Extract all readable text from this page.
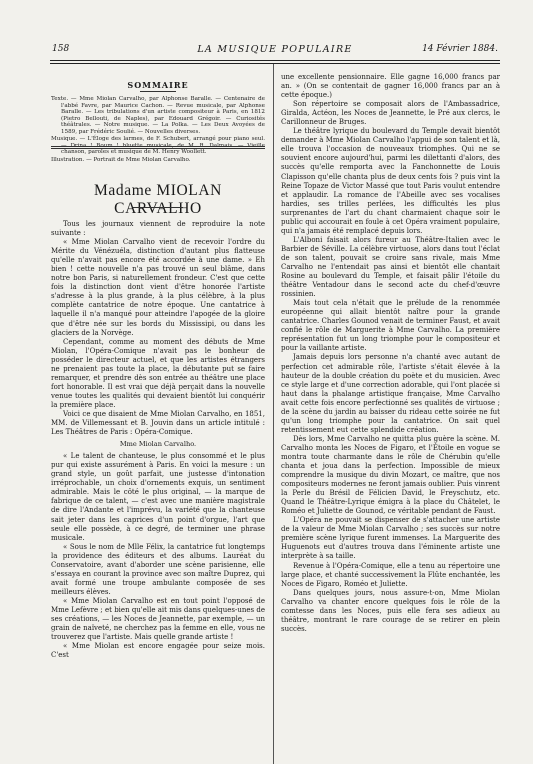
158	LA MUSIQUE POPULAIRE	14 Février 1884.
SOMMAIRE

Texte. — Mme Miolan Carvalho, par Alphonse Baralle. — Centenaire de l'abbé Favre, par Maurice Cachon. — Revue musicale, par Alphonse Baralle. — Les tribulations d'un artiste compositeur à Paris, en 1812 (Pietro Bellouti, de Naples), par Edouard Grégoir. — Curiosités théâtrales. — Notre musique. — La Polka. — Les Deux Avoyées de 1589, par Frédéric Soulié. — Nouvelles diverses.

Musique. — L'Éloge des larmes, de F. Schubert, arrangé pour piano seul. — Drina ! Boum ! bluette musicale, de M. R. Dalmais. — Vieille chanson, paroles et musique de M. Henry Woollett.

Illustration. — Portrait de Mme Miolan Carvalho.

Madame MIOLAN CARVALHO

Tous les journaux viennent de reproduire la note suivante :

« Mme Miolan Carvalho vient de recevoir l'ordre du Mérite du Vénézuéla, distinction d'autant plus flatteuse qu'elle n'avait pas encore été accordée à une dame. » Eh bien ! cette nouvelle n'a pas trouvé un seul blâme, dans notre bon Paris, si naturellement frondeur. C'est que cette fois la distinction dont vient d'être honorée l'artiste s'adresse à la plus grande, à la plus célèbre, à la plus complète cantatrice de notre époque. Une cantatrice à laquelle il n'a manqué pour atteindre l'apogée de la gloire que d'être née sur les bords du Mississipi, ou dans les glaciers de la Norvège.

Cependant, comme au moment des débuts de Mme Miolan, l'Opéra-Comique n'avait pas le bonheur de posséder le directeur actuel, et que les artistes étrangers ne prenaient pas toute la place, la débutante put se faire remarquer, et prendre dès son entrée au théâtre une place fort honorable. Il est vrai que déjà perçait dans la nouvelle venue toutes les qualités qui devaient bientôt lui conquérir la première place.

Voici ce que disaient de Mme Miolan Carvalho, en 1851, MM. de Villemessant et B. Jouvin dans un article intitulé : Les Théâtres de Paris : Opéra-Comique.

Mme Miolan Carvalho.

« Le talent de chanteuse, le plus consommé et le plus pur qui existe assurément à Paris. En voici la mesure : un grand style, un goût parfait, une justesse d'intonation irréprochable, un choix d'ornements exquis, un sentiment admirable. Mais le côté le plus original, — la marque de fabrique de ce talent, — c'est avec une manière magistrale de dire l'Andante et l'imprévu, la variété que la chanteuse sait jeter dans les caprices d'un point d'orgue, l'art que seule elle possède, à ce degré, de terminer une phrase musicale.

« Sous le nom de Mlle Félix, la cantatrice fut longtemps la providence des éditeurs et des albums. Lauréat du Conservatoire, avant d'aborder une scène parisienne, elle s'essaya en courant la province avec son maître Duprez, qui avait formé une troupe ambulante composée de ses meilleurs élèves.

« Mme Miolan Carvalho est en tout point l'opposé de Mme Lefèvre ; et bien qu'elle ait mis dans quelques-unes de ses créations, — les Noces de Jeannette, par exemple, — un grain de naïveté, ne cherchez pas la femme en elle, vous ne trouverez que l'artiste. Mais quelle grande artiste !

« Mme Miolan est encore engagée pour seize mois. C'est

une excellente pensionnaire. Elle gagne 16,000 francs par an. » (On se contentait de gagner 16,000 francs par an à cette époque.)

Son répertoire se composait alors de l'Ambassadrice, Giralda, Actéon, les Noces de Jeannette, le Pré aux clercs, le Carillonneur de Bruges.

Le théâtre lyrique du boulevard du Temple devait bientôt demander à Mme Miolan Carvalho l'appui de son talent et là, elle trouva l'occasion de nouveaux triomphes. Qui ne se souvient encore aujourd'hui, parmi les dilettanti d'alors, des succès qu'elle remporta avec la Fanchonnette de Louis Clapisson qu'elle chanta plus de deux cents fois ? puis vint la Reine Topaze de Victor Massé que tout Paris voulut entendre et applaudir. La romance de l'Abeille avec ses vocalises hardies, ses trilles perlées, les difficultés les plus surprenantes de l'art du chant charmaient chaque soir le public qui accourait en foule à cet Opéra vraiment populaire, qui n'a jamais été remplacé depuis lors.

L'Alboni faisait alors fureur au Théâtre-Italien avec le Barbier de Séville. La célèbre virtuose, alors dans tout l'éclat de son talent, pouvait se croire sans rivale, mais Mme Carvalho ne l'entendait pas ainsi et bientôt elle chantait Rosine au boulevard du Temple, et faisait pâlir l'étoile du théâtre Ventadour dans le second acte du chef-d'œuvre rossinien.

Mais tout cela n'était que le prélude de la renommée européenne qui allait bientôt naître pour la grande cantatrice. Charles Gounod venait de terminer Faust, et avait confié le rôle de Marguerite à Mme Carvalho. La première représentation fut un long triomphe pour le compositeur et pour la vaillante artiste.

Jamais depuis lors personne n'a chanté avec autant de perfection cet admirable rôle, l'artiste s'était élevée à la hauteur de la double création du poète et du musicien. Avec ce style large et d'une correction adorable, qui l'ont placée si haut dans la phalange artistique française, Mme Carvalho avait cette fois encore perfectionné ses qualités de virtuose ; de la scène du jardin au baisser du rideau cette soirée ne fut qu'un long triomphe pour la cantatrice. On sait quel retentissement eut cette splendide création.

Dès lors, Mme Carvalho ne quitta plus guère la scène. M. Carvalho monta les Noces de Figaro, et l'Étoile en vogue se montra toute charmante dans le rôle de Chérubin qu'elle chanta et joua dans la perfection. Impossible de mieux comprendre la musique du divin Mozart, ce maître, que nos compositeurs modernes ne feront jamais oublier. Puis vinrent la Perle du Brésil de Félicien David, le Freyschutz, etc. Quand le Théâtre-Lyrique émigra à la place du Châtelet, le Roméo et Juliette de Gounod, ce véritable pendant de Faust.

L'Opéra ne pouvait se dispenser de s'attacher une artiste de la valeur de Mme Miolan Carvalho ; ses succès sur notre première scène lyrique furent immenses. La Marguerite des Huguenots eut d'autres trouva dans l'éminente artiste une interprète à sa taille.

Revenue à l'Opéra-Comique, elle a tenu au répertoire une large place, et chanté successivement la Flûte enchantée, les Noces de Figaro, Roméo et Juliette.

Dans quelques jours, nous assure-t-on, Mme Miolan Carvalho va chanter encore quelques fois le rôle de la comtesse dans les Noces, puis elle fera ses adieux au théâtre, montrant le rare courage de se retirer en plein succès.
